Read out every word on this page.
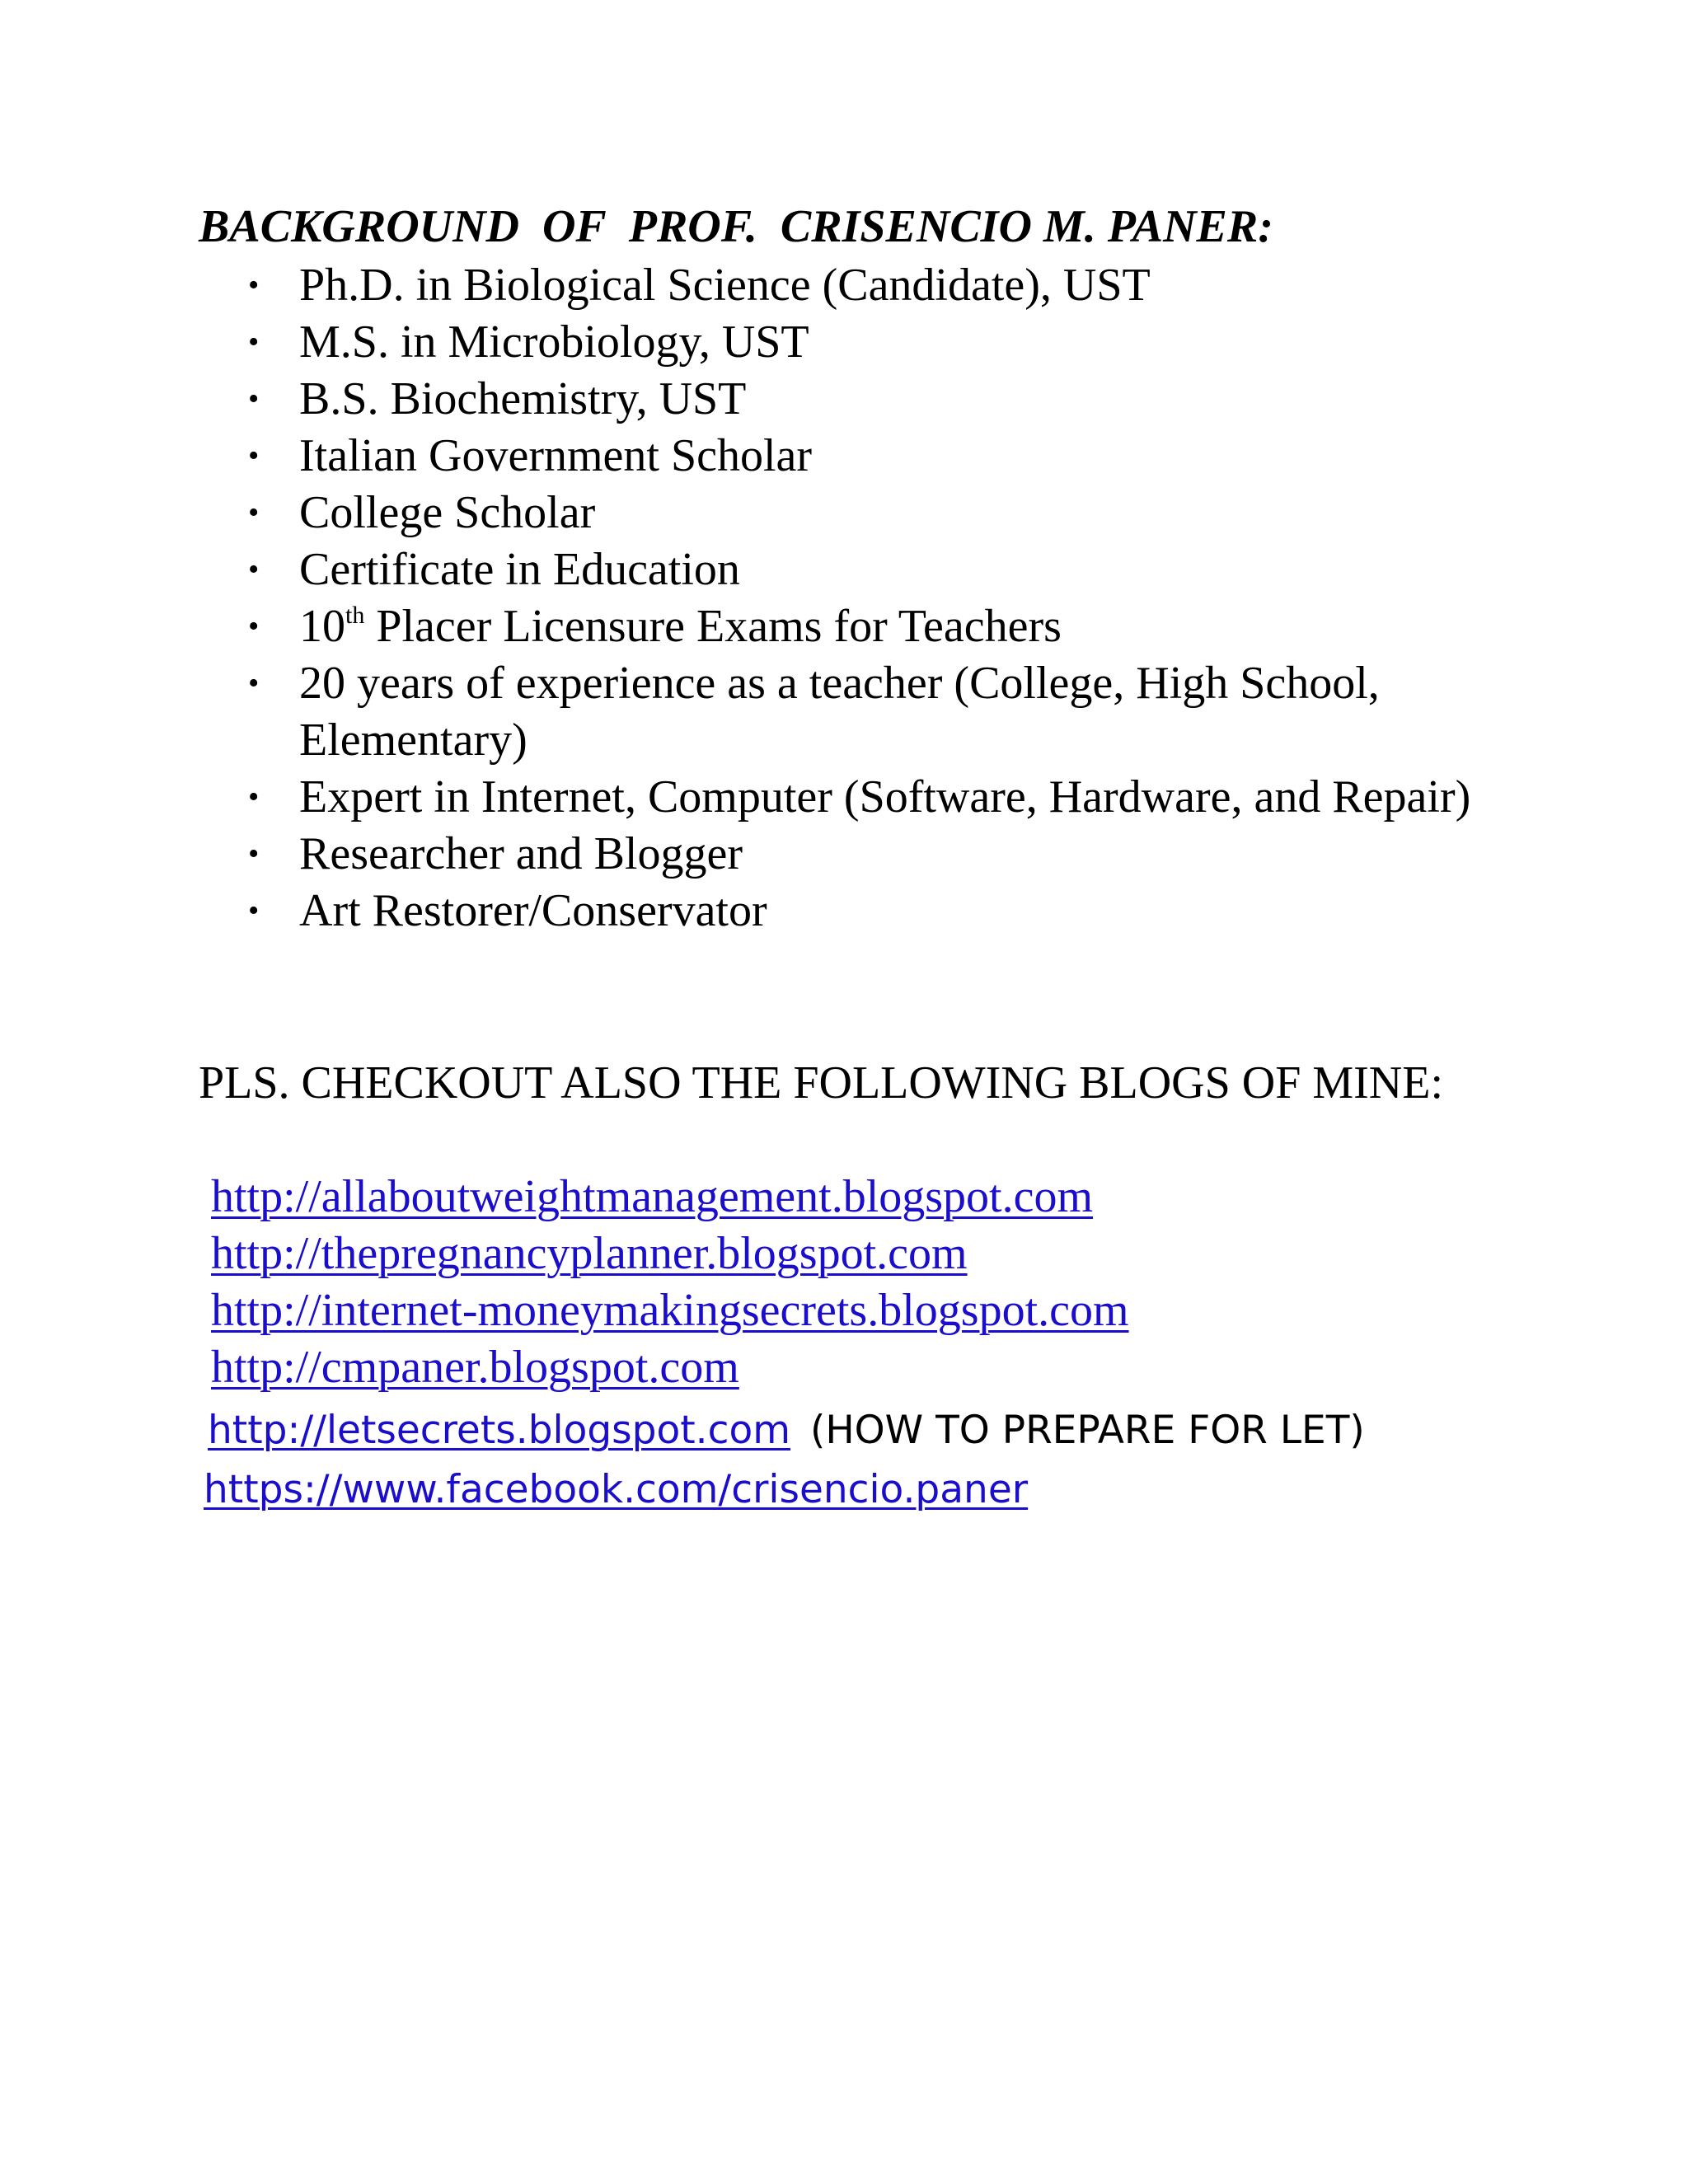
BACKGROUND  OF  PROF.  CRISENCIO M. PANER:
• Ph.D. in Biological Science (Candidate), UST
• M.S. in Microbiology, UST
• B.S. Biochemistry, UST
• Italian Government Scholar
• College Scholar
• Certificate in Education
• 10th Placer Licensure Exams for Teachers
• 20 years of experience as a teacher (College, High School, Elementary)
• Expert in Internet, Computer (Software, Hardware, and Repair)
• Researcher and Blogger
• Art Restorer/Conservator

PLS. CHECKOUT ALSO THE FOLLOWING BLOGS OF MINE:

http://allaboutweightmanagement.blogspot.com
http://thepregnancyplanner.blogspot.com
http://internet-moneymakingsecrets.blogspot.com
http://cmpaner.blogspot.com
http://letsecrets.blogspot.com (HOW TO PREPARE FOR LET)
https://www.facebook.com/crisencio.paner
